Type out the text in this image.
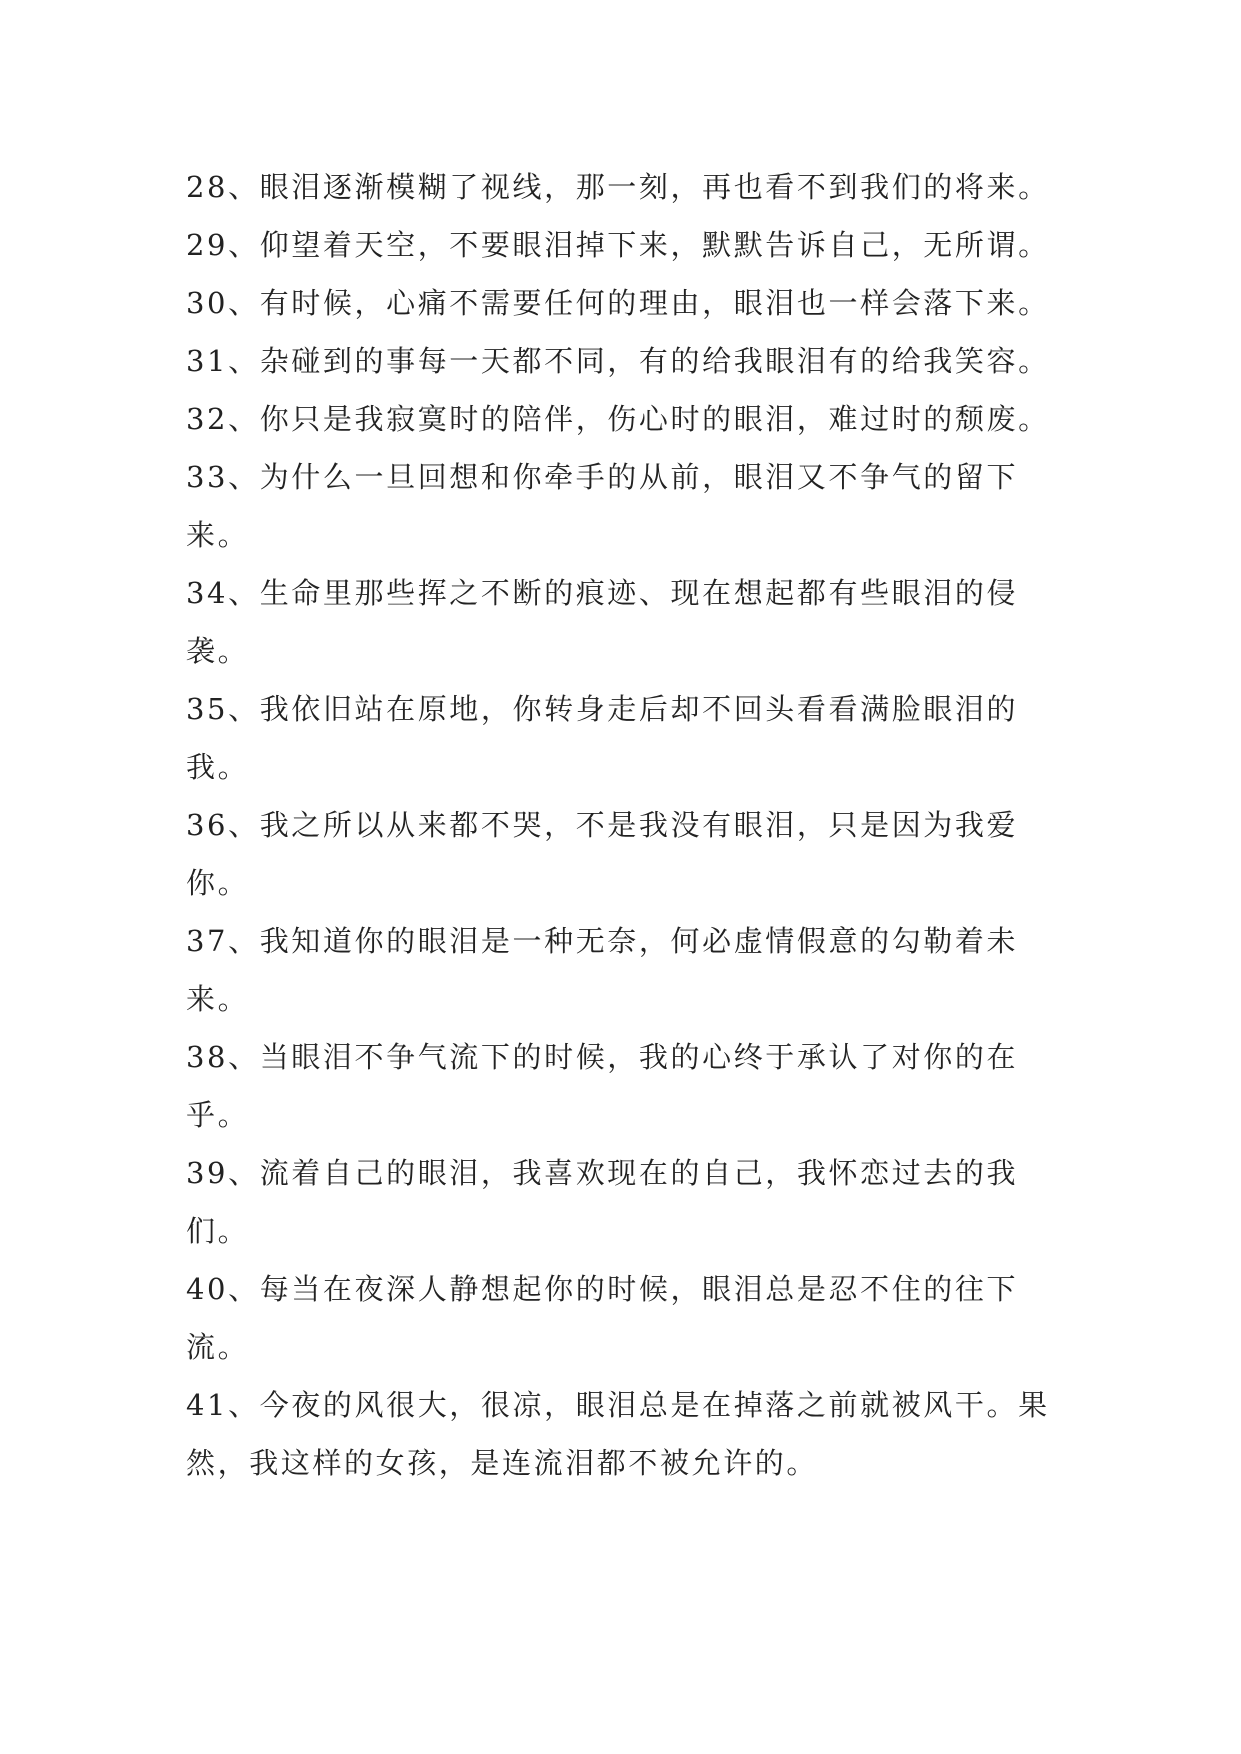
28、眼泪逐渐模糊了视线，那一刻，再也看不到我们的将来。

29、仰望着天空，不要眼泪掉下来，默默告诉自己，无所谓。

30、有时候，心痛不需要任何的理由，眼泪也一样会落下来。

31、杂碰到的事每一天都不同，有的给我眼泪有的给我笑容。

32、你只是我寂寞时的陪伴，伤心时的眼泪，难过时的颓废。

33、为什么一旦回想和你牵手的从前，眼泪又不争气的留下来。

34、生命里那些挥之不断的痕迹、现在想起都有些眼泪的侵袭。

35、我依旧站在原地，你转身走后却不回头看看满脸眼泪的我。

36、我之所以从来都不哭，不是我没有眼泪，只是因为我爱你。

37、我知道你的眼泪是一种无奈，何必虚情假意的勾勒着未来。

38、当眼泪不争气流下的时候，我的心终于承认了对你的在乎。

39、流着自己的眼泪，我喜欢现在的自己，我怀恋过去的我们。

40、每当在夜深人静想起你的时候，眼泪总是忍不住的往下流。

41、今夜的风很大，很凉，眼泪总是在掉落之前就被风干。果然，我这样的女孩，是连流泪都不被允许的。
